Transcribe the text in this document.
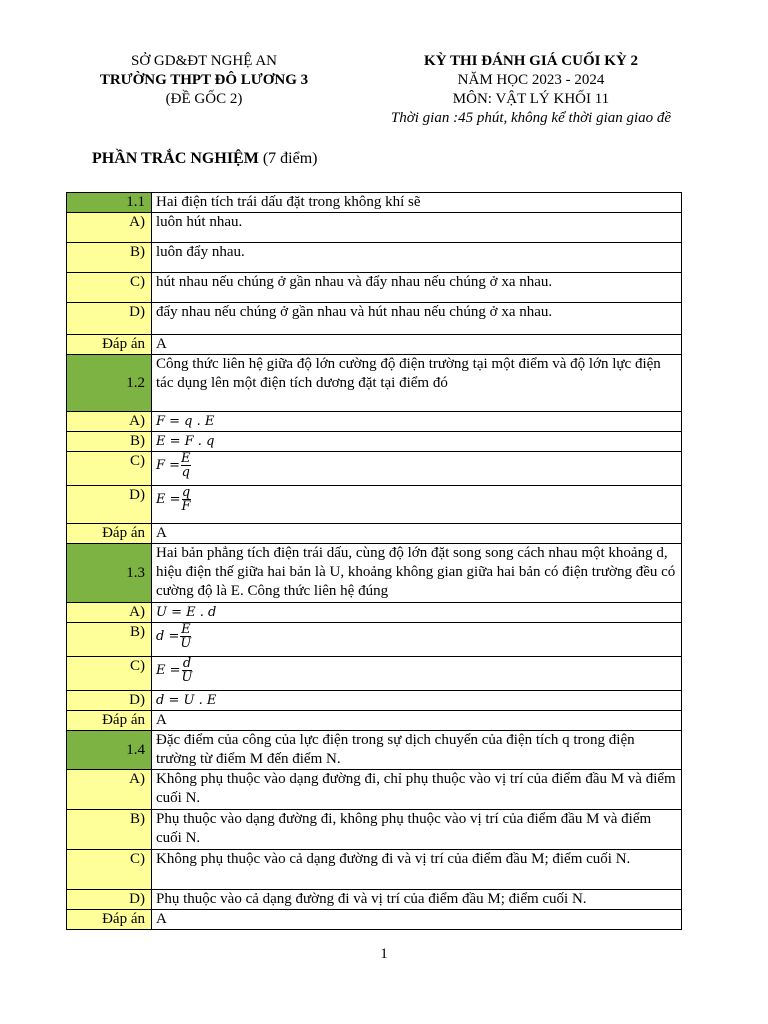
SỞ GD&ĐT NGHỆ AN
TRƯỜNG THPT ĐÔ LƯƠNG 3
(ĐỀ GỐC 2)
KỲ THI ĐÁNH GIÁ CUỐI KỲ 2
NĂM HỌC 2023 - 2024
MÔN: VẬT LÝ KHỐI 11
Thời gian :45 phút, không kể thời gian giao đề
PHẦN TRẮC NGHIỆM (7 điểm)
1.1	Hai điện tích trái dấu đặt trong không khí sẽ
A)	luôn hút nhau.
B)	luôn đẩy nhau.
C)	hút nhau nếu chúng ở gần nhau và đẩy nhau nếu chúng ở xa nhau.
D)	đẩy nhau nếu chúng ở gần nhau và hút nhau nếu chúng ở xa nhau.
Đáp án	A
1.2	Công thức liên hệ giữa độ lớn cường độ điện trường tại một điểm và độ lớn lực điện tác dụng lên một điện tích dương đặt tại điểm đó
A)	F = q . E
B)	E = F . q
C)	$F = \frac{E}{q}$

D)	$E = \frac{q}{F}$

Đáp án	A
1.3	Hai bản phẳng tích điện trái dấu, cùng độ lớn đặt song song cách nhau một khoảng d, hiệu điện thế giữa hai bản là U, khoảng không gian giữa hai bản có điện trường đều có cường độ là E. Công thức liên hệ đúng
A)	U = E . d
B)	$d = \frac{E}{U}$

C)	$E = \frac{d}{U}$

D)	d = U . E
Đáp án	A
1.4	Đặc điểm của công của lực điện trong sự dịch chuyển của điện tích q trong điện trường từ điểm M đến điểm N.
A)	Không phụ thuộc vào dạng đường đi, chỉ phụ thuộc vào vị trí của điểm đầu M và điểm cuối N.
B)	Phụ thuộc vào dạng đường đi, không phụ thuộc vào vị trí của điểm đầu M và điểm cuối N.
C)	Không phụ thuộc vào cả dạng đường đi và vị trí của điểm đầu M; điểm cuối N.
D)	Phụ thuộc vào cả dạng đường đi và vị trí của điểm đầu M; điểm cuối N.
Đáp án	A
1
